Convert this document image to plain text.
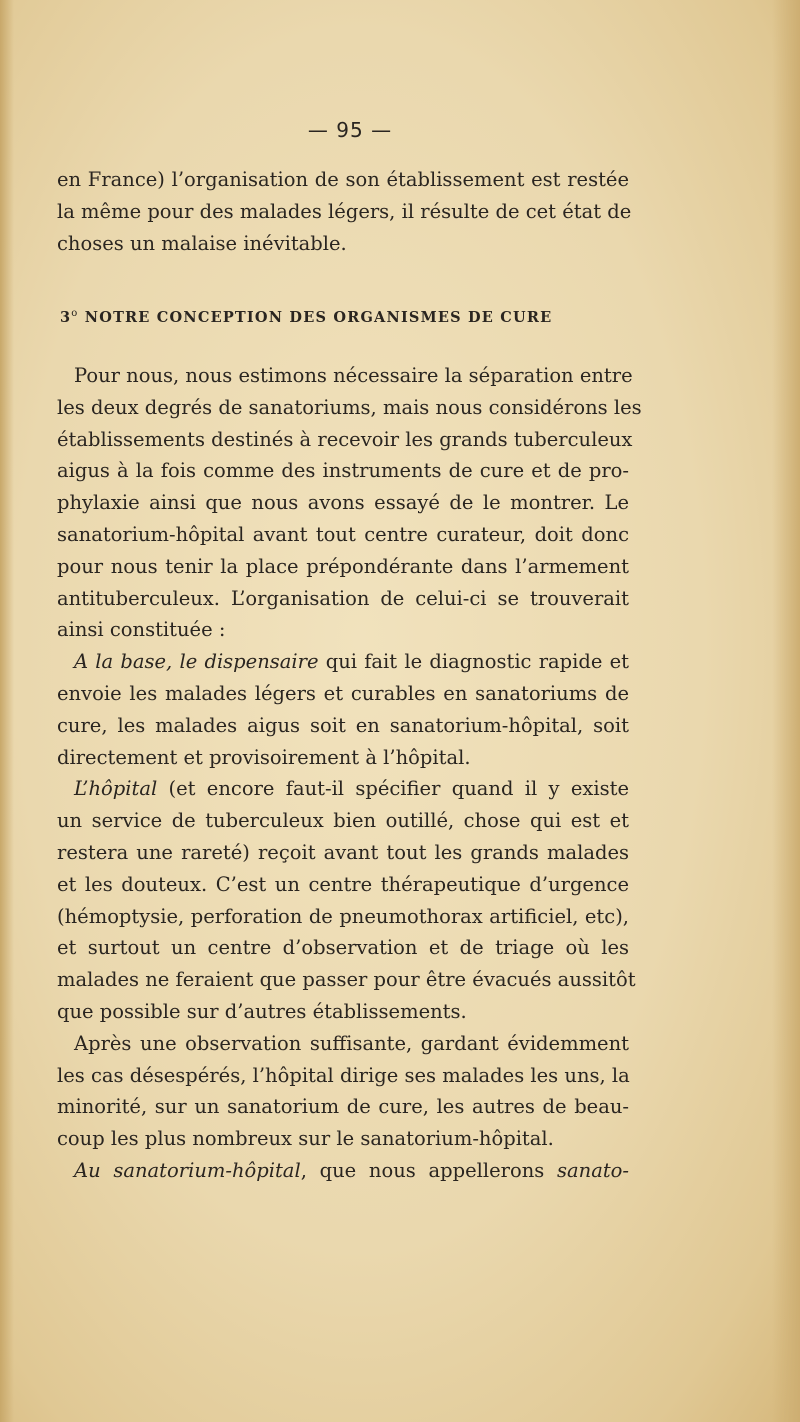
— 95 —
en France) l’organisation de son établissement est restée
la même pour des malades légers, il résulte de cet état de
choses un malaise inévitable.
3$^o$ NOTRE CONCEPTION DES ORGANISMES DE CURE
Pour nous, nous estimons nécessaire la séparation entre
les deux degrés de sanatoriums, mais nous considérons les
établissements destinés à recevoir les grands tuberculeux
aigus à la fois comme des instruments de cure et de pro-
phylaxie ainsi que nous avons essayé de le montrer. Le
sanatorium-hôpital avant tout centre curateur, doit donc
pour nous tenir la place prépondérante dans l’armement
antituberculeux. L’organisation de celui-ci se trouverait
ainsi constituée :
A la base, le dispensaire qui fait le diagnostic rapide et
envoie les malades légers et curables en sanatoriums de
cure, les malades aigus soit en sanatorium-hôpital, soit
directement et provisoirement à l’hôpital.
L’hôpital (et encore faut-il spécifier quand il y existe
un service de tuberculeux bien outillé, chose qui est et
restera une rareté) reçoit avant tout les grands malades
et les douteux. C’est un centre thérapeutique d’urgence
(hémoptysie, perforation de pneumothorax artificiel, etc),
et surtout un centre d’observation et de triage où les
malades ne feraient que passer pour être évacués aussitôt
que possible sur d’autres établissements.
Après une observation suffisante, gardant évidemment
les cas désespérés, l’hôpital dirige ses malades les uns, la
minorité, sur un sanatorium de cure, les autres de beau-
coup les plus nombreux sur le sanatorium-hôpital.
Au sanatorium-hôpital, que nous appellerons sanato-
